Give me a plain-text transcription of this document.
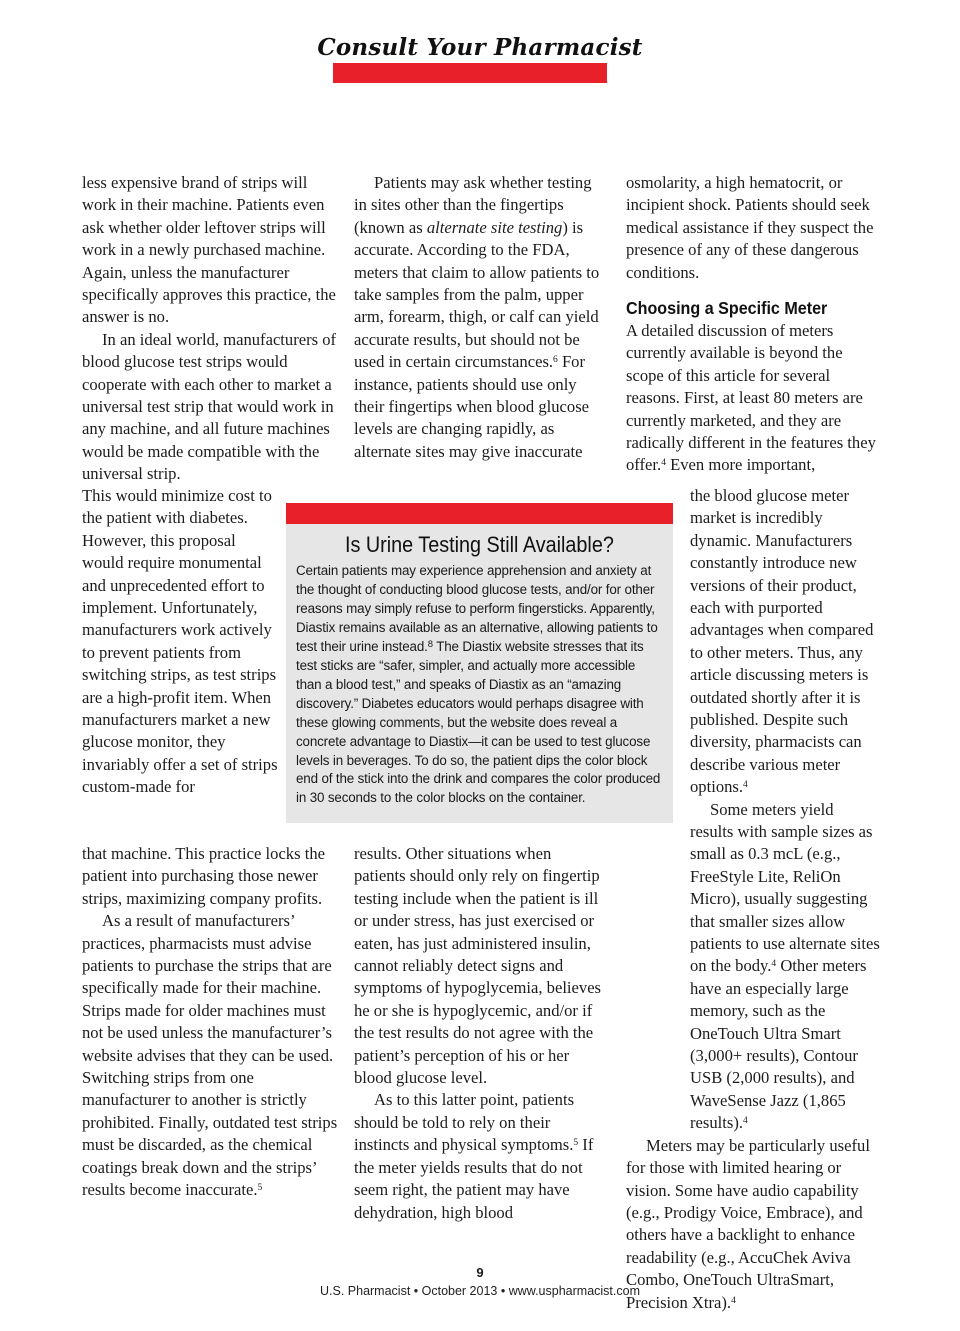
Consult Your Pharmacist

less expensive brand of strips will work in their machine. Patients even ask whether older leftover strips will work in a newly purchased machine. Again, unless the manufacturer specifically approves this practice, the answer is no.

In an ideal world, manufacturers of blood glucose test strips would cooperate with each other to market a universal test strip that would work in any machine, and all future machines would be made compatible with the universal strip.

This would minimize cost to the patient with diabetes. However, this proposal would require monumental and unprecedented effort to implement. Unfortunately, manufacturers work actively to prevent patients from switching strips, as test strips are a high-profit item. When manufacturers market a new glucose monitor, they invariably offer a set of strips custom-made for

that machine. This practice locks the patient into purchasing those newer strips, maximizing company profits.

As a result of manufacturers’ practices, pharmacists must advise patients to purchase the strips that are specifically made for their machine. Strips made for older machines must not be used unless the manufacturer’s website advises that they can be used. Switching strips from one manufacturer to another is strictly prohibited. Finally, outdated test strips must be discarded, as the chemical coatings break down and the strips’ results become inaccurate.$^5$

Patients may ask whether testing in sites other than the fingertips (known as alternate site testing) is accurate. According to the FDA, meters that claim to allow patients to take samples from the palm, upper arm, forearm, thigh, or calf can yield accurate results, but should not be used in certain circumstances.$^6$ For instance, patients should use only their fingertips when blood glucose levels are changing rapidly, as alternate sites may give inaccurate

results. Other situations when patients should only rely on fingertip testing include when the patient is ill or under stress, has just exercised or eaten, has just administered insulin, cannot reliably detect signs and symptoms of hypoglycemia, believes he or she is hypoglycemic, and/or if the test results do not agree with the patient’s perception of his or her blood glucose level.

As to this latter point, patients should be told to rely on their instincts and physical symptoms.$^5$ If the meter yields results that do not seem right, the patient may have dehydration, high blood

osmolarity, a high hematocrit, or incipient shock. Patients should seek medical assistance if they suspect the presence of any of these dangerous conditions.

Choosing a Specific Meter

A detailed discussion of meters currently available is beyond the scope of this article for several reasons. First, at least 80 meters are currently marketed, and they are radically different in the features they offer.$^4$ Even more important,

the blood glucose meter market is incredibly dynamic. Manufacturers constantly introduce new versions of their product, each with purported advantages when compared to other meters. Thus, any article discussing meters is outdated shortly after it is published. Despite such diversity, pharmacists can describe various meter options.$^4$

Some meters yield

results with sample sizes as small as 0.3 mcL (e.g., FreeStyle Lite, ReliOn Micro), usually suggesting that smaller sizes allow patients to use alternate sites on the body.$^4$ Other meters have an especially large memory, such as the OneTouch Ultra Smart (3,000+ results), Contour USB (2,000 results), and WaveSense Jazz (1,865 results).$^4$

Meters may be particularly useful for those with limited hearing or vision. Some have audio capability (e.g., Prodigy Voice, Embrace), and others have a backlight to enhance readability (e.g., AccuChek Aviva Combo, OneTouch UltraSmart, Precision Xtra).$^4$

Is Urine Testing Still Available?
Certain patients may experience apprehension and anxiety at the thought of conducting blood glucose tests, and/or for other reasons may simply refuse to perform fingersticks. Apparently, Diastix remains available as an alternative, allowing patients to test their urine instead.$^8$ The Diastix website stresses that its test sticks are “safer, simpler, and actually more accessible than a blood test,” and speaks of Diastix as an “amazing discovery.” Diabetes educators would perhaps disagree with these glowing comments, but the website does reveal a concrete advantage to Diastix—it can be used to test glucose levels in beverages. To do so, the patient dips the color block end of the stick into the drink and compares the color produced in 30 seconds to the color blocks on the container.
9
U.S. Pharmacist • October 2013 • www.uspharmacist.com
